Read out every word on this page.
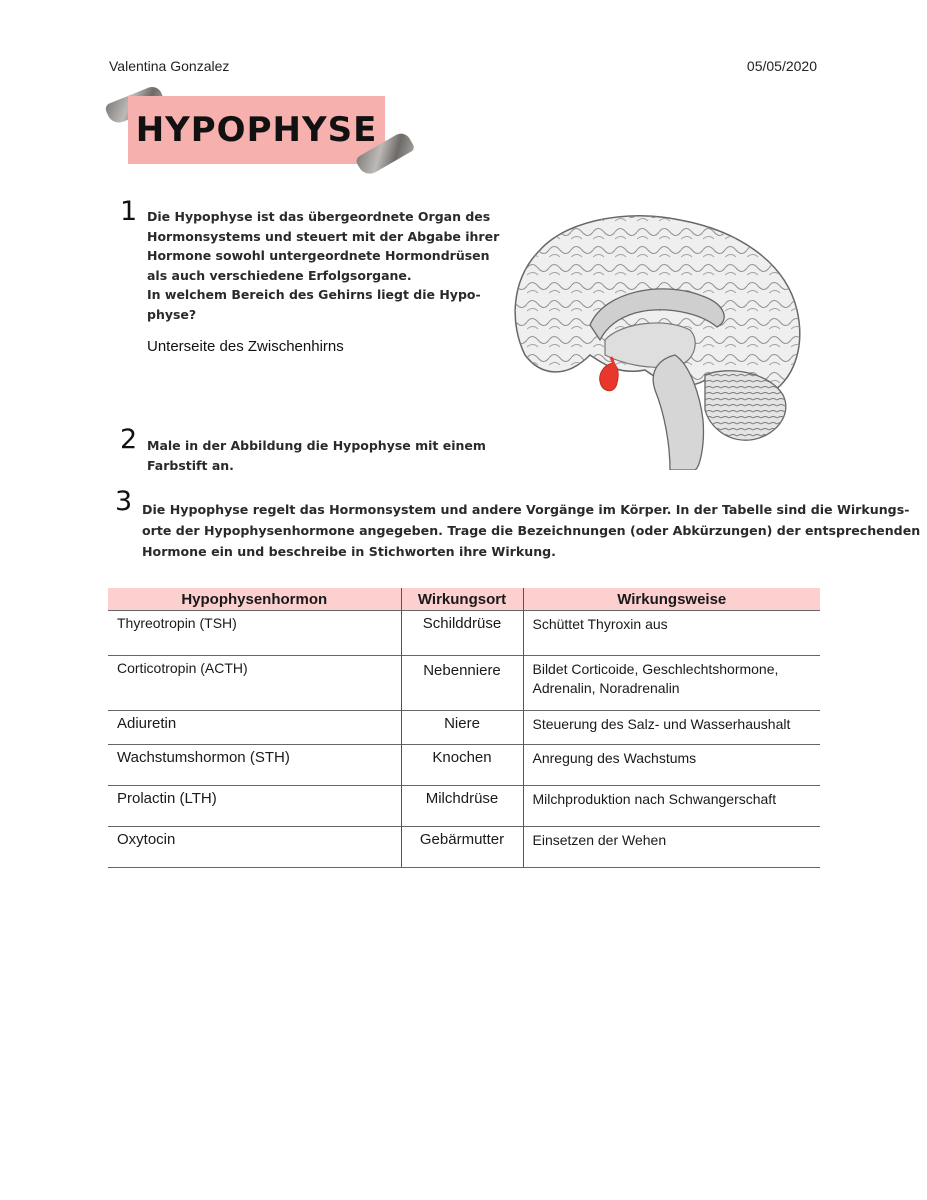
Valentina Gonzalez	05/05/2020
HYPOPHYSE
1 Die Hypophyse ist das übergeordnete Organ des
Hormonsystems und steuert mit der Abgabe ihrer
Hormone sowohl untergeordnete Hormondrüsen
als auch verschiedene Erfolgsorgane.
In welchem Bereich des Gehirns liegt die Hypo-
physe?
Unterseite des Zwischenhirns
2 Male in der Abbildung die Hypophyse mit einem
Farbstift an.
3 Die Hypophyse regelt das Hormonsystem und andere Vorgänge im Körper. In der Tabelle sind die Wirkungs-
orte der Hypophysenhormone angegeben. Trage die Bezeichnungen (oder Abkürzungen) der entsprechenden
Hormone ein und beschreibe in Stichworten ihre Wirkung.
Hypophysenhormon	Wirkungsort	Wirkungsweise
Thyreotropin (TSH)	Schilddrüse	Schüttet Thyroxin aus
Corticotropin (ACTH)	Nebenniere	Bildet Corticoide, Geschlechtshormone, Adrenalin, Noradrenalin
Adiuretin	Niere	Steuerung des Salz- und Wasserhaushalt
Wachstumshormon (STH)	Knochen	Anregung des Wachstums
Prolactin (LTH)	Milchdrüse	Milchproduktion nach Schwangerschaft
Oxytocin	Gebärmutter	Einsetzen der Wehen
